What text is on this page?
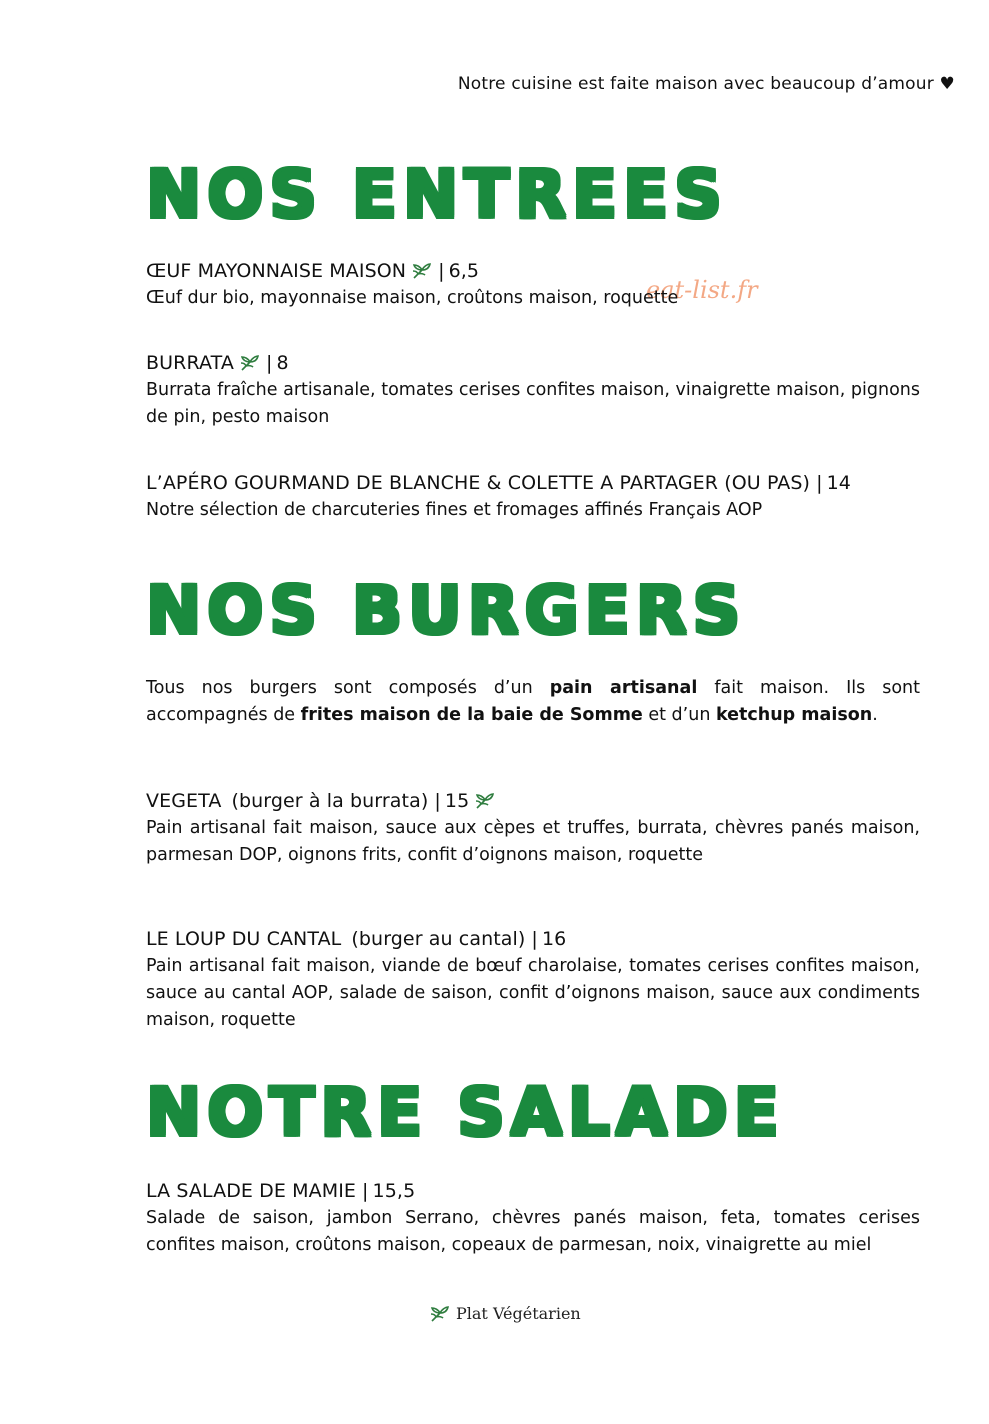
Notre cuisine est faite maison avec beaucoup d’amour ♥
eat-list.fr
NOS ENTREES
ŒUF MAYONNAISE MAISON | 6,5
Œuf dur bio, mayonnaise maison, croûtons maison, roquette
BURRATA | 8
Burrata fraîche artisanale, tomates cerises confites maison, vinaigrette maison, pignons de pin, pesto maison
L’APÉRO GOURMAND DE BLANCHE & COLETTE A PARTAGER (OU PAS) | 14
Notre sélection de charcuteries fines et fromages affinés Français AOP
NOS BURGERS
Tous nos burgers sont composés d’un pain artisanal fait maison. Ils sont accompagnés de frites maison de la baie de Somme et d’un ketchup maison.
VEGETA (burger à la burrata) | 15
Pain artisanal fait maison, sauce aux cèpes et truffes, burrata, chèvres panés maison, parmesan DOP, oignons frits, confit d’oignons maison, roquette
LE LOUP DU CANTAL (burger au cantal) | 16
Pain artisanal fait maison, viande de bœuf charolaise, tomates cerises confites maison, sauce au cantal AOP, salade de saison, confit d’oignons maison, sauce aux condiments maison, roquette
NOTRE SALADE
LA SALADE DE MAMIE | 15,5
Salade de saison, jambon Serrano, chèvres panés maison, feta, tomates cerises confites maison, croûtons maison, copeaux de parmesan, noix, vinaigrette au miel
Plat Végétarien
